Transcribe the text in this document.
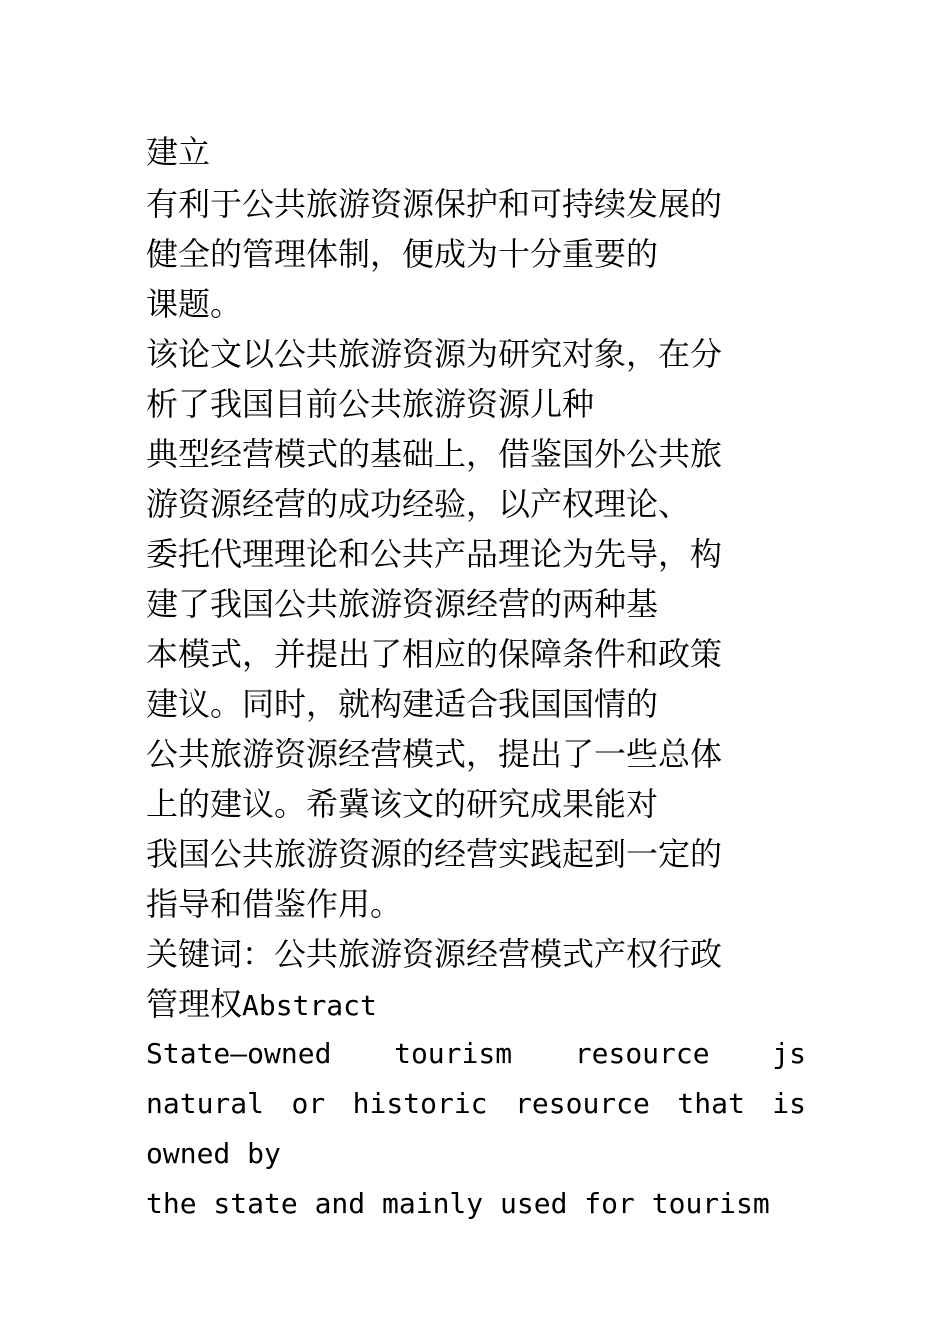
建立
有利于公共旅游资源保护和可持续发展的
健全的管理体制，便成为十分重要的
课题。
该论文以公共旅游资源为研究对象，在分
析了我国目前公共旅游资源儿种
典型经营模式的基础上，借鉴国外公共旅
游资源经营的成功经验，以产权理论、
委托代理理论和公共产品理论为先导，构
建了我国公共旅游资源经营的两种基
本模式，并提出了相应的保障条件和政策
建议。同时，就构建适合我国国情的
公共旅游资源经营模式，提出了一些总体
上的建议。希冀该文的研究成果能对
我国公共旅游资源的经营实践起到一定的
指导和借鉴作用。
关键词：公共旅游资源经营模式产权行政
管理权Abstract
State—owned tourism resource js
natural or historic resource that is
owned by
the state and mainly used for tourism
